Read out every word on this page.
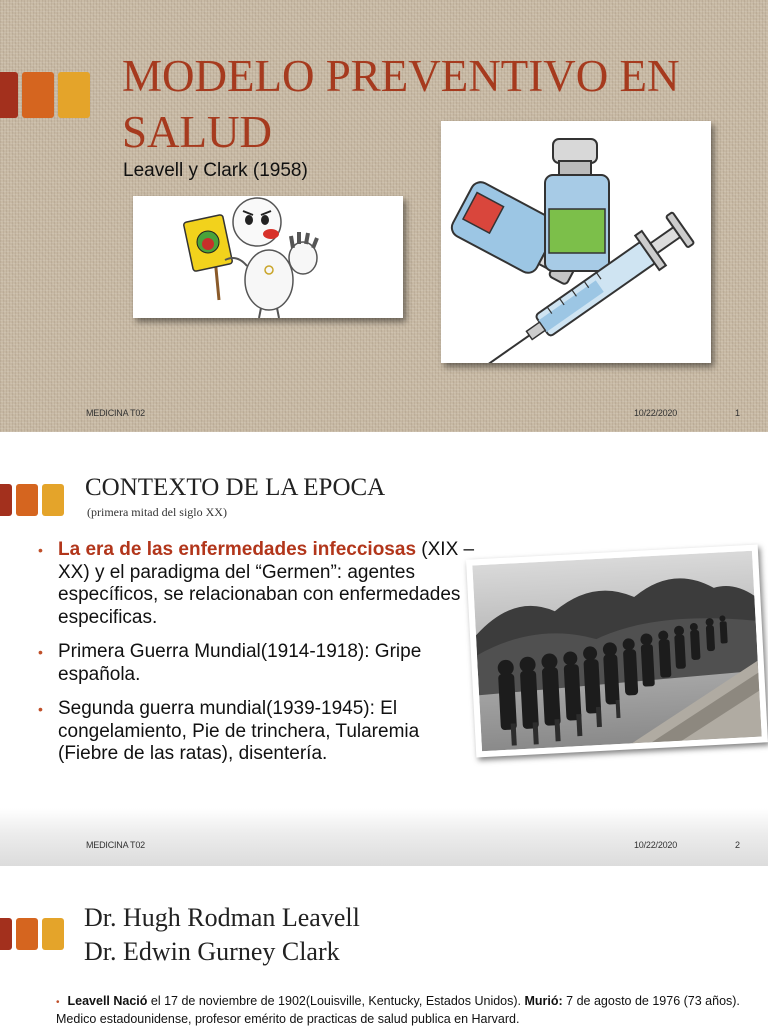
MODELO PREVENTIVO EN SALUD
Leavell y Clark (1958)
MEDICINA T02	10/22/2020	1
CONTEXTO DE LA EPOCA
(primera mitad del siglo XX)
• La era de las enfermedades infecciosas (XIX – XX) y el paradigma del “Germen”: agentes específicos, se relacionaban con enfermedades especificas.
• Primera Guerra Mundial(1914-1918): Gripe española.
• Segunda guerra mundial(1939-1945): El congelamiento, Pie de trinchera, Tularemia (Fiebre de las ratas), disentería.
MEDICINA T02	10/22/2020	2
Dr. Hugh Rodman Leavell
Dr. Edwin Gurney Clark
• Leavell Nació el 17 de noviembre de 1902(Louisville, Kentucky, Estados Unidos). Murió: 7 de agosto de 1976 (73 años). Medico estadounidense, profesor emérito de practicas de salud publica en Harvard.
